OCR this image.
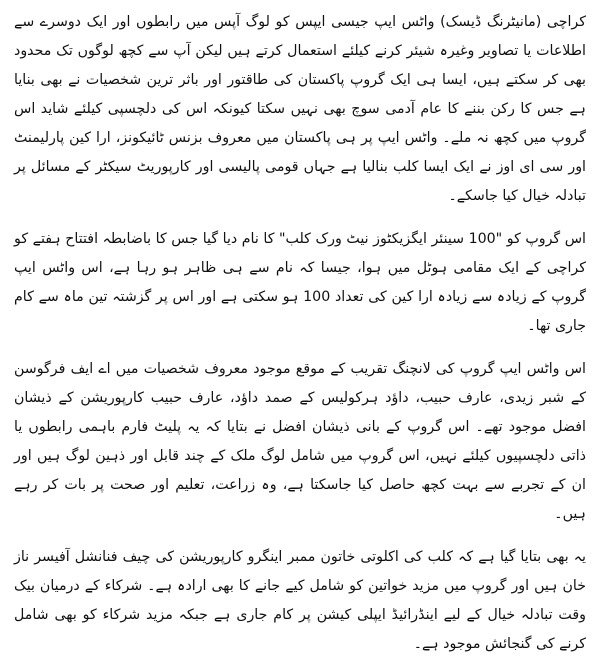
کراچی (مانیٹرنگ ڈیسک) واٹس ایپ جیسی ایپس کو لوگ آپس میں رابطوں اور ایک دوسرے سے اطلاعات یا تصاویر وغیرہ شیئر کرنے کیلئے استعمال کرتے ہیں لیکن آپ سے کچھ لوگوں تک محدود بھی کر سکتے ہیں، ایسا ہی ایک گروپ پاکستان کی طاقتور اور باثر ترین شخصیات نے بھی بنایا ہے جس کا رکن بننے کا عام آدمی سوچ بھی نہیں سکتا کیونکہ اس کی دلچسپی کیلئے شاید اس گروپ میں کچھ نہ ملے۔ واٹس ایپ پر ہی پاکستان میں معروف بزنس ٹائیکونز، ارا کین پارلیمنٹ اور سی ای اوز نے ایک ایسا کلب بنالیا ہے جہاں قومی پالیسی اور کارپوریٹ سیکٹر کے مسائل پر تبادلہ خیال کیا جاسکے۔

اس گروپ کو "100 سینئر ایگزیکٹوز نیٹ ورک کلب" کا نام دیا گیا جس کا باضابطہ افتتاح ہفتے کو کراچی کے ایک مقامی ہوٹل میں ہوا، جیسا کہ نام سے ہی ظاہر ہو رہا ہے، اس واٹس ایپ گروپ کے زیادہ سے زیادہ ارا کین کی تعداد 100 ہو سکتی ہے اور اس پر گزشتہ تین ماہ سے کام جاری تھا۔

اس واٹس ایپ گروپ کی لانچنگ تقریب کے موقع موجود معروف شخصیات میں اے ایف فرگوسن کے شبر زیدی، عارف حبیب، داؤد ہرکولیس کے صمد داؤد، عارف حبیب کارپوریشن کے ذیشان افضل موجود تھے۔ اس گروپ کے بانی ذیشان افضل نے بتایا کہ یہ پلیٹ فارم باہمی رابطوں یا ذاتی دلچسپیوں کیلئے نہیں، اس گروپ میں شامل لوگ ملک کے چند قابل اور ذہین لوگ ہیں اور ان کے تجربے سے بہت کچھ حاصل کیا جاسکتا ہے، وہ زراعت، تعلیم اور صحت پر بات کر رہے ہیں۔

یہ بھی بتایا گیا ہے کہ کلب کی اکلوتی خاتون ممبر اینگرو کارپوریشن کی چیف فنانشل آفیسر ناز خان ہیں اور گروپ میں مزید خواتین کو شامل کیے جانے کا بھی ارادہ ہے۔ شرکاء کے درمیان بیک وقت تبادلہ خیال کے لیے اینڈرائیڈ ایپلی کیشن پر کام جاری ہے جبکہ مزید شرکاء کو بھی شامل کرنے کی گنجائش موجود ہے۔
